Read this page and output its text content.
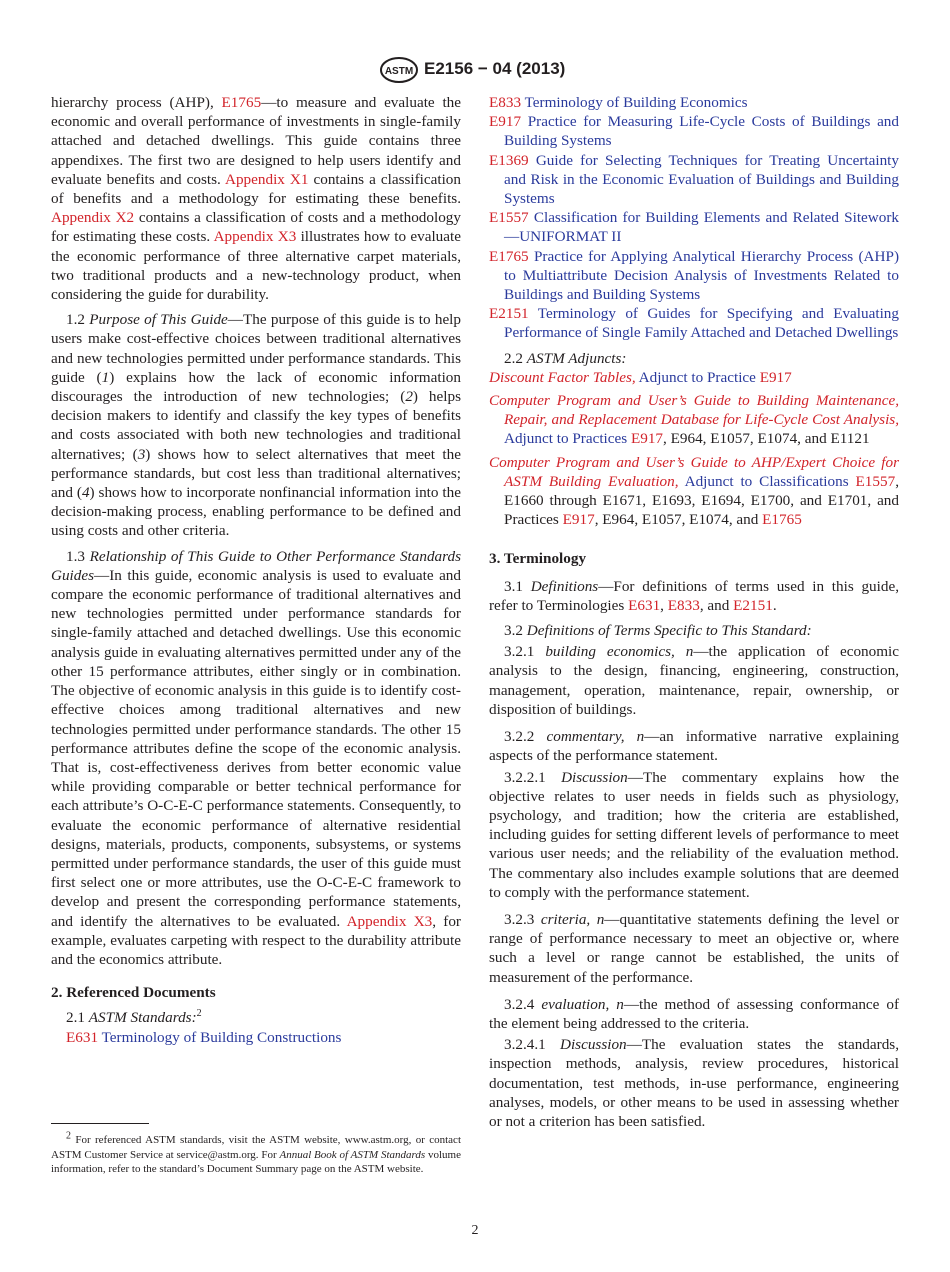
ASTM E2156 − 04 (2013)

hierarchy process (AHP), E1765—to measure and evaluate the economic and overall performance of investments in single-family attached and detached dwellings. This guide contains three appendixes. The first two are designed to help users identify and evaluate benefits and costs. Appendix X1 contains a classification of benefits and a methodology for estimating these benefits. Appendix X2 contains a classification of costs and a methodology for estimating these costs. Appendix X3 illustrates how to evaluate the economic performance of three alternative carpet materials, two traditional products and a new-technology product, when considering the guide for durability.

1.2 Purpose of This Guide—The purpose of this guide is to help users make cost-effective choices between traditional alternatives and new technologies permitted under performance standards. This guide (1) explains how the lack of economic information discourages the introduction of new technologies; (2) helps decision makers to identify and classify the key types of benefits and costs associated with both new technologies and traditional alternatives; (3) shows how to select alternatives that meet the performance standards, but cost less than traditional alternatives; and (4) shows how to incorporate nonfinancial information into the decision-making process, enabling performance to be defined and using costs and other criteria.

1.3 Relationship of This Guide to Other Performance Standards Guides—In this guide, economic analysis is used to evaluate and compare the economic performance of traditional alternatives and new technologies permitted under performance standards for single-family attached and detached dwellings. Use this economic analysis guide in evaluating alternatives permitted under any of the other 15 performance attributes, either singly or in combination. The objective of economic analysis in this guide is to identify cost-effective choices among traditional alternatives and new technologies permitted under performance standards. The other 15 performance attributes define the scope of the economic analysis. That is, cost-effectiveness derives from better economic value while providing comparable or better technical performance for each attribute’s O-C-E-C performance statements. Consequently, to evaluate the economic performance of alternative residential designs, materials, products, components, subsystems, or systems permitted under performance standards, the user of this guide must first select one or more attributes, use the O-C-E-C framework to develop and present the corresponding performance statements, and identify the alternatives to be evaluated. Appendix X3, for example, evaluates carpeting with respect to the durability attribute and the economics attribute.

2. Referenced Documents

2.1 ASTM Standards:$^2$

E631 Terminology of Building Constructions

2 For referenced ASTM standards, visit the ASTM website, www.astm.org, or contact ASTM Customer Service at service@astm.org. For Annual Book of ASTM Standards volume information, refer to the standard’s Document Summary page on the ASTM website.

E833 Terminology of Building Economics

E917 Practice for Measuring Life-Cycle Costs of Buildings and Building Systems

E1369 Guide for Selecting Techniques for Treating Uncertainty and Risk in the Economic Evaluation of Buildings and Building Systems

E1557 Classification for Building Elements and Related Sitework—UNIFORMAT II

E1765 Practice for Applying Analytical Hierarchy Process (AHP) to Multiattribute Decision Analysis of Investments Related to Buildings and Building Systems

E2151 Terminology of Guides for Specifying and Evaluating Performance of Single Family Attached and Detached Dwellings

2.2 ASTM Adjuncts:

Discount Factor Tables, Adjunct to Practice E917

Computer Program and User’s Guide to Building Maintenance, Repair, and Replacement Database for Life-Cycle Cost Analysis, Adjunct to Practices E917, E964, E1057, E1074, and E1121

Computer Program and User’s Guide to AHP/Expert Choice for ASTM Building Evaluation, Adjunct to Classifications E1557, E1660 through E1671, E1693, E1694, E1700, and E1701, and Practices E917, E964, E1057, E1074, and E1765

3. Terminology

3.1 Definitions—For definitions of terms used in this guide, refer to Terminologies E631, E833, and E2151.

3.2 Definitions of Terms Specific to This Standard:

3.2.1 building economics, n—the application of economic analysis to the design, financing, engineering, construction, management, operation, maintenance, repair, ownership, or disposition of buildings.

3.2.2 commentary, n—an informative narrative explaining aspects of the performance statement.

3.2.2.1 Discussion—The commentary explains how the objective relates to user needs in fields such as physiology, psychology, and tradition; how the criteria are established, including guides for setting different levels of performance to meet various user needs; and the reliability of the evaluation method. The commentary also includes example solutions that are deemed to comply with the performance statement.

3.2.3 criteria, n—quantitative statements defining the level or range of performance necessary to meet an objective or, where such a level or range cannot be established, the units of measurement of the performance.

3.2.4 evaluation, n—the method of assessing conformance of the element being addressed to the criteria.

3.2.4.1 Discussion—The evaluation states the standards, inspection methods, analysis, review procedures, historical documentation, test methods, in-use performance, engineering analyses, models, or other means to be used in assessing whether or not a criterion has been satisfied.

2
